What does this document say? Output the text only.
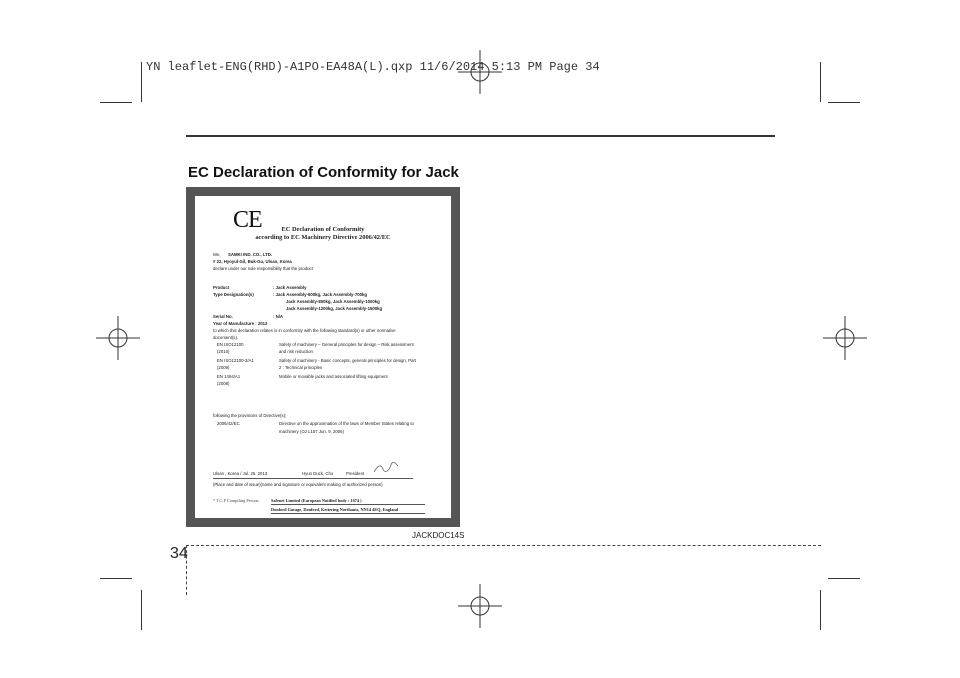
YN leaflet-ENG(RHD)-A1PO-EA48A(L).qxp 11/6/2014 5:13 PM Page 34
EC Declaration of Conformity for Jack
CE	EC Declaration of Conformity
according to EC Machinery Directive 2006/42/EC
We, SAMKI IND. CO., LTD.
# 22, Hyoyul-Gil, Buk-Gu, Ulsan, Korea
declare under our sole responsibility that the product
Product	: Jack Assembly
Type Designation(s)	: Jack Assembly-600kg, Jack Assembly-700kg
Jack Assembly-800kg, Jack Assembly-1000kg
Jack Assembly-1200kg, Jack Assembly-1500kg
Serial No.	: N/A
Year of Manufacture : 2013
to which this declaration relates is in conformity with the following standard(s) or other normative
document(s).
EN ISO12100
(2010)
Safety of machinery – General principles for design – Risk assessment
and risk reduction
EN ISO12100-2/A1
(2009)
Safety of machinery - Basic concepts, general principles for design, Part
2 : Technical principles
EN 1494/A1
(2008)
Mobile or movable jacks and associated lifting equipment
following the provisions of Directive(s);
2006/42/EC	Directive on the approximation of the laws of Member States relating to
machinery (OJ L157 Jun. 9, 2006)
Ulsan , Korea / Jul. 25. 2013	Hyun Duck, Cho	President
(Place and date of issue)(name and signature or equivalent making of authorized person)
* T.C.F Compiling Person:	Safenet Limited (European Notified body : 1674 )
Donford Garage, Donford, Kettering Northants, NN14 4EQ, England
JACKDOC14S
34
